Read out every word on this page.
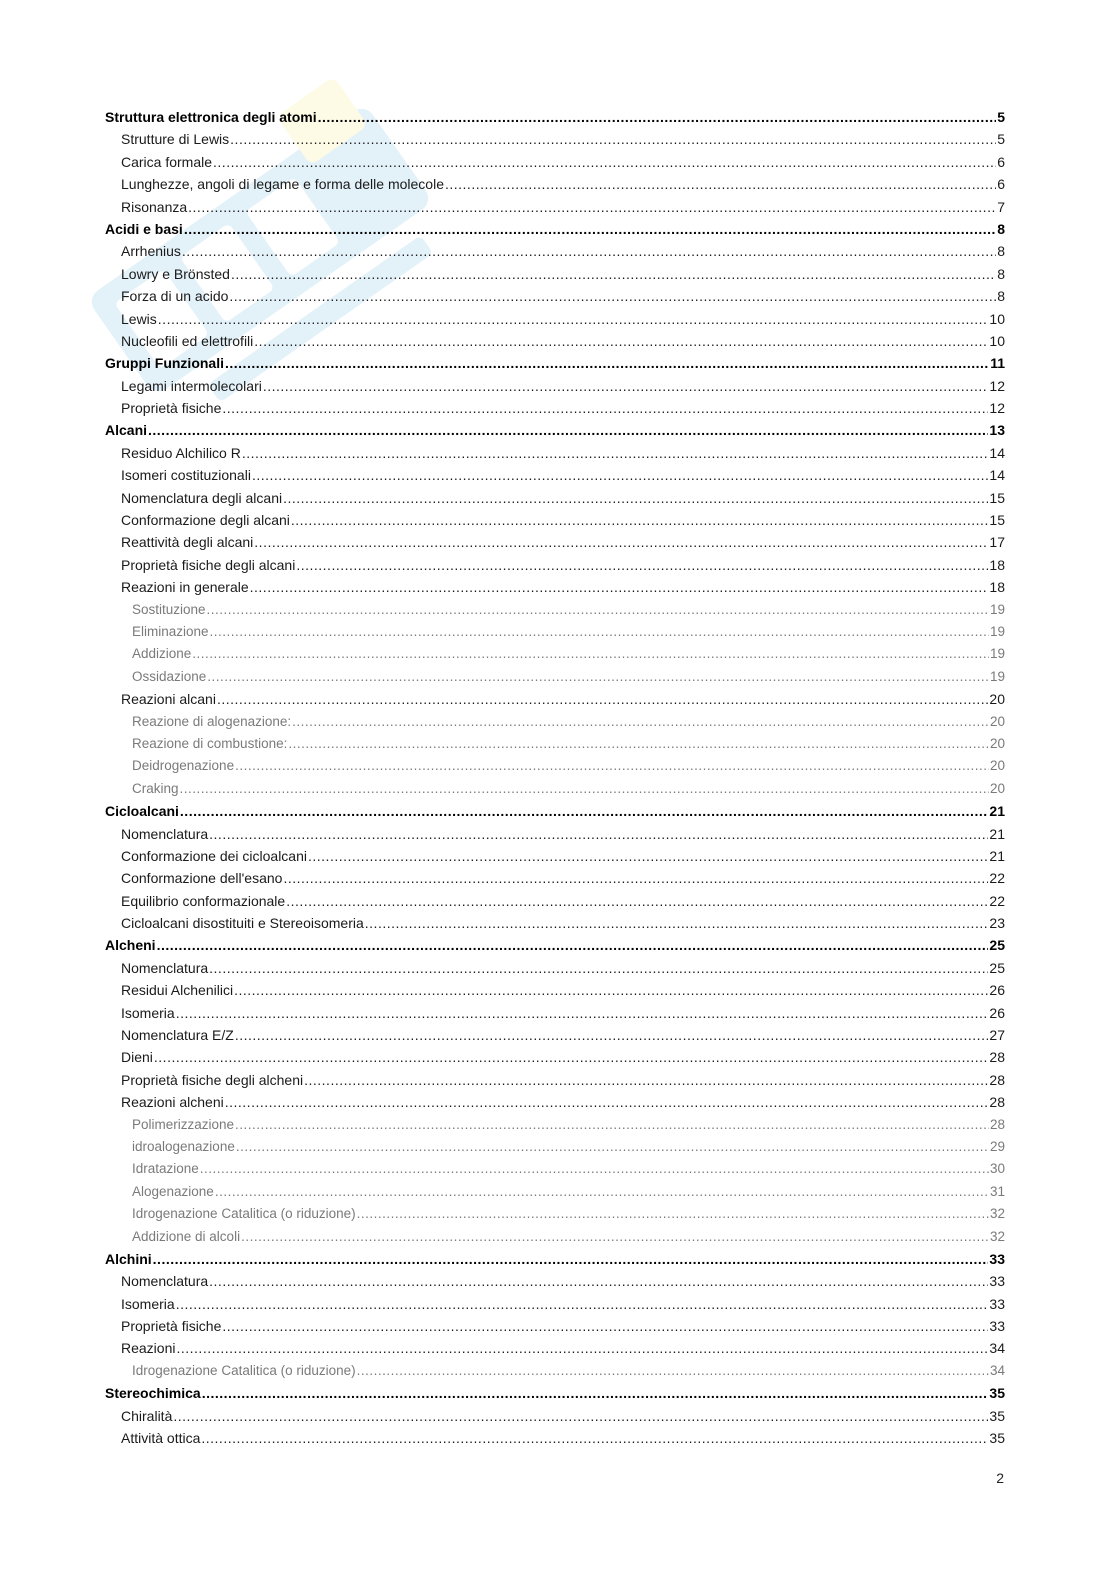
Struttura elettronica degli atomi .....	5
Strutture di Lewis .....	5
Carica formale .....	6
Lunghezze, angoli di legame e forma delle molecole .....	6
Risonanza .....	7
Acidi e basi .....	8
Arrhenius .....	8
Lowry e Brönsted .....	8
Forza di un acido .....	8
Lewis .....	10
Nucleofili ed elettrofili .....	10
Gruppi Funzionali .....	11
Legami intermolecolari .....	12
Proprietà fisiche .....	12
Alcani .....	13
Residuo Alchilico R .....	14
Isomeri costituzionali .....	14
Nomenclatura degli alcani .....	15
Conformazione degli alcani .....	15
Reattività degli alcani .....	17
Proprietà fisiche degli alcani .....	18
Reazioni in generale .....	18
Sostituzione .....	19
Eliminazione .....	19
Addizione .....	19
Ossidazione .....	19
Reazioni alcani .....	20
Reazione di alogenazione: .....	20
Reazione di combustione: .....	20
Deidrogenazione .....	20
Craking .....	20
Cicloalcani .....	21
Nomenclatura .....	21
Conformazione dei cicloalcani .....	21
Conformazione dell'esano .....	22
Equilibrio conformazionale .....	22
Cicloalcani disostituiti e Stereoisomeria .....	23
Alcheni .....	25
Nomenclatura .....	25
Residui Alchenilici .....	26
Isomeria .....	26
Nomenclatura E/Z .....	27
Dieni .....	28
Proprietà fisiche degli alcheni .....	28
Reazioni alcheni .....	28
Polimerizzazione .....	28
idroalogenazione .....	29
Idratazione .....	30
Alogenazione .....	31
Idrogenazione Catalitica (o riduzione) .....	32
Addizione di alcoli .....	32
Alchini .....	33
Nomenclatura .....	33
Isomeria .....	33
Proprietà fisiche .....	33
Reazioni .....	34
Idrogenazione Catalitica (o riduzione) .....	34
Stereochimica .....	35
Chiralità .....	35
Attività ottica .....	35
2
